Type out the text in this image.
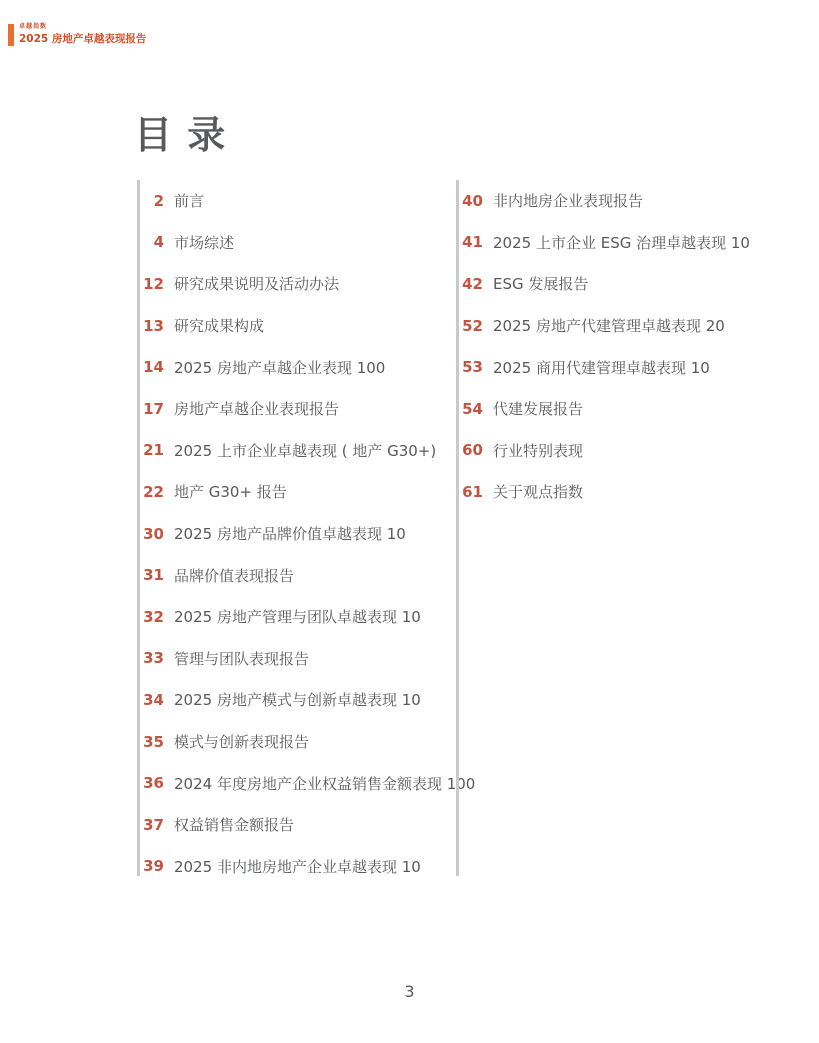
卓越指数
2025 房地产卓越表现报告
目 录
2 前言
4 市场综述
12 研究成果说明及活动办法
13 研究成果构成
14 2025 房地产卓越企业表现 100
17 房地产卓越企业表现报告
21 2025 上市企业卓越表现 ( 地产 G30+)
22 地产 G30+ 报告
30 2025 房地产品牌价值卓越表现 10
31 品牌价值表现报告
32 2025 房地产管理与团队卓越表现 10
33 管理与团队表现报告
34 2025 房地产模式与创新卓越表现 10
35 模式与创新表现报告
36 2024 年度房地产企业权益销售金额表现 100
37 权益销售金额报告
39 2025 非内地房地产企业卓越表现 10
40 非内地房企业表现报告
41 2025 上市企业 ESG 治理卓越表现 10
42 ESG 发展报告
52 2025 房地产代建管理卓越表现 20
53 2025 商用代建管理卓越表现 10
54 代建发展报告
60 行业特别表现
61 关于观点指数
3
